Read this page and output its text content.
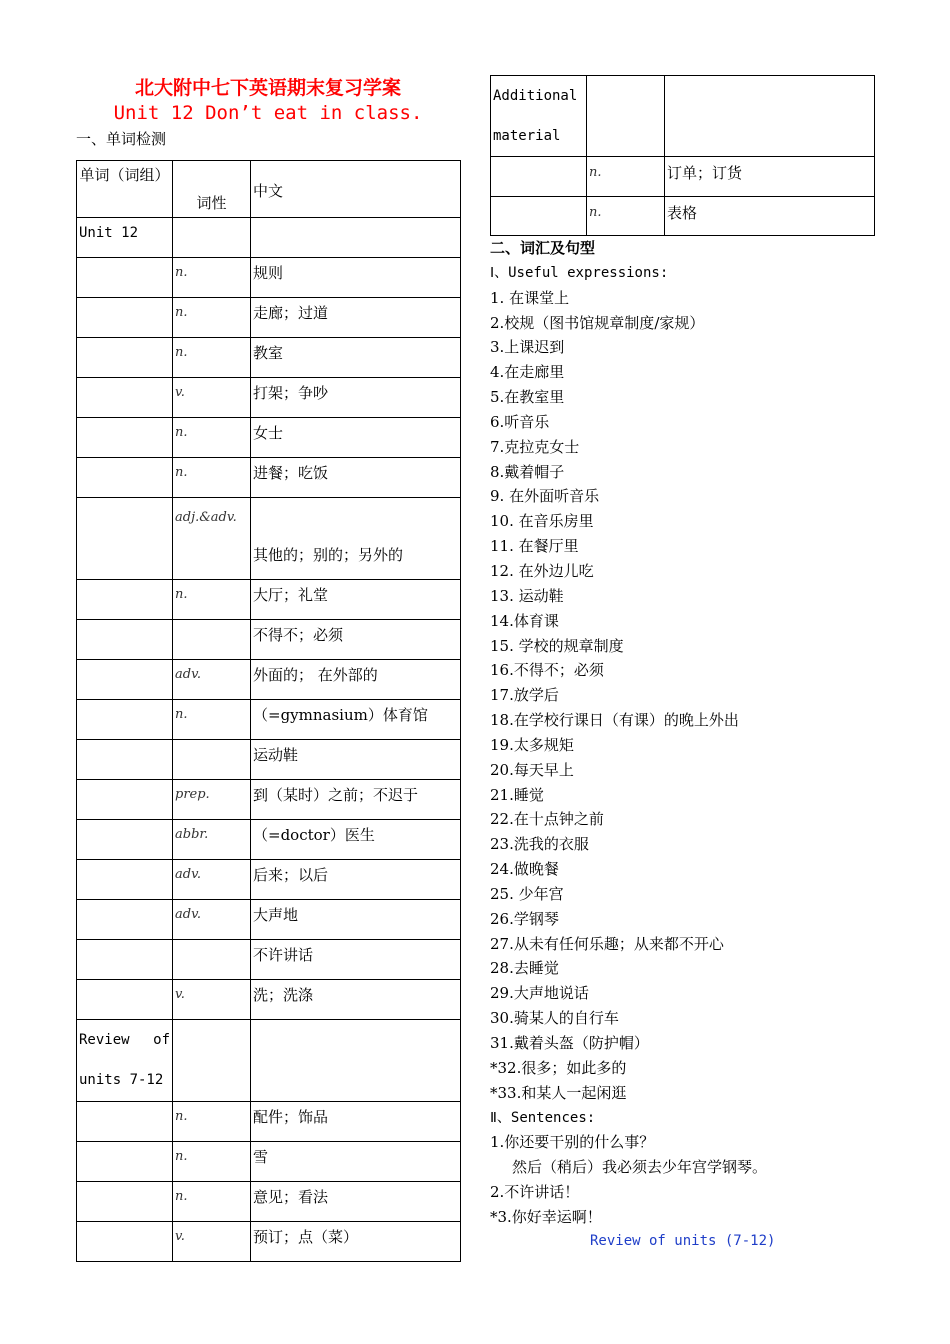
北大附中七下英语期末复习学案
Unit 12 Don’t eat in class.
一、单词检测
单词（词组）	词性	中文
Unit 12		
	n.	规则
	n.	走廊；过道
	n.	教室
	v.	打架；争吵
	n.	女士
	n.	进餐；吃饭
	adj.&adv.	其他的；别的；另外的
	n.	大厅；礼堂
		不得不；必须
	adv.	外面的； 在外部的
	n.	（=gymnasium）体育馆
		运动鞋
	prep.	到（某时）之前；不迟于
	abbr.	（=doctor）医生
	adv.	后来；以后
	adv.	大声地
		不许讲话
	v.	洗；洗涤
Review of units 7-12		
	n.	配件；饰品
	n.	雪
	n.	意见；看法
	v.	预订；点（菜）
Additional material		
	n.	订单；订货
	n.	表格
二、词汇及句型
Ⅰ、Useful expressions:
1. 在课堂上
2.校规（图书馆规章制度/家规）
3.上课迟到
4.在走廊里
5.在教室里
6.听音乐
7.克拉克女士
8.戴着帽子
9. 在外面听音乐
10. 在音乐房里
11. 在餐厅里
12. 在外边儿吃
13. 运动鞋
14.体育课
15. 学校的规章制度
16.不得不；必须
17.放学后
18.在学校行课日（有课）的晚上外出
19.太多规矩
20.每天早上
21.睡觉
22.在十点钟之前
23.洗我的衣服
24.做晚餐
25. 少年宫
26.学钢琴
27.从未有任何乐趣；从来都不开心
28.去睡觉
29.大声地说话
30.骑某人的自行车
31.戴着头盔（防护帽）
*32.很多；如此多的
*33.和某人一起闲逛
Ⅱ、Sentences:
1.你还要干别的什么事？
然后（稍后）我必须去少年宫学钢琴。
2.不许讲话！
*3.你好幸运啊！
Review of units (7-12)
